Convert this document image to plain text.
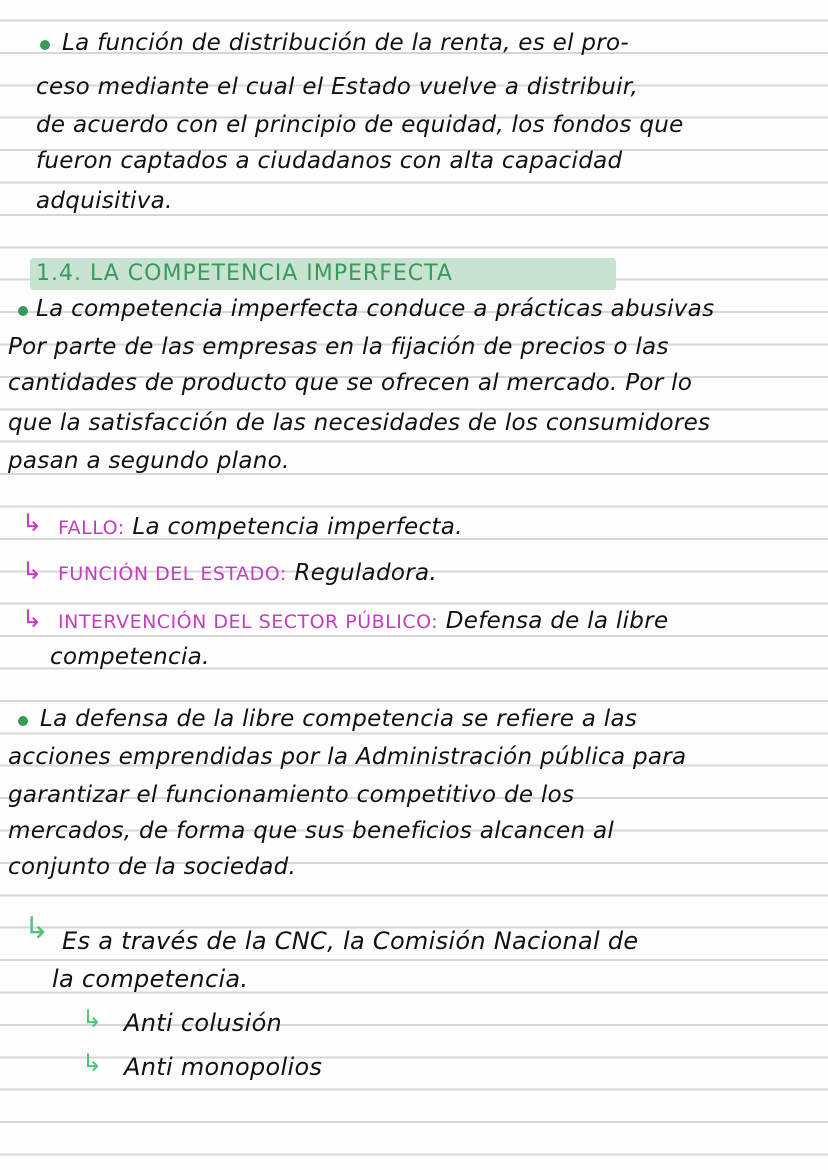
La función de distribución de la renta, es el pro-
ceso mediante el cual el Estado vuelve a distribuir,
de acuerdo con el principio de equidad, los fondos que
fueron captados a ciudadanos con alta capacidad
adquisitiva.
1.4. LA COMPETENCIA IMPERFECTA
La competencia imperfecta conduce a prácticas abusivas
Por parte de las empresas en la fijación de precios o las
cantidades de producto que se ofrecen al mercado. Por lo
que la satisfacción de las necesidades de los consumidores
pasan a segundo plano.
↳ FALLO: La competencia imperfecta.
↳ FUNCIÓN DEL ESTADO: Reguladora.
↳ INTERVENCIÓN DEL SECTOR PÚBLICO: Defensa de la libre
competencia.
La defensa de la libre competencia se refiere a las
acciones emprendidas por la Administración pública para
garantizar el funcionamiento competitivo de los
mercados, de forma que sus beneficios alcancen al
conjunto de la sociedad.
↳ Es a través de la CNC, la Comisión Nacional de
la competencia.
↳ Anti colusión
↳ Anti monopolios
